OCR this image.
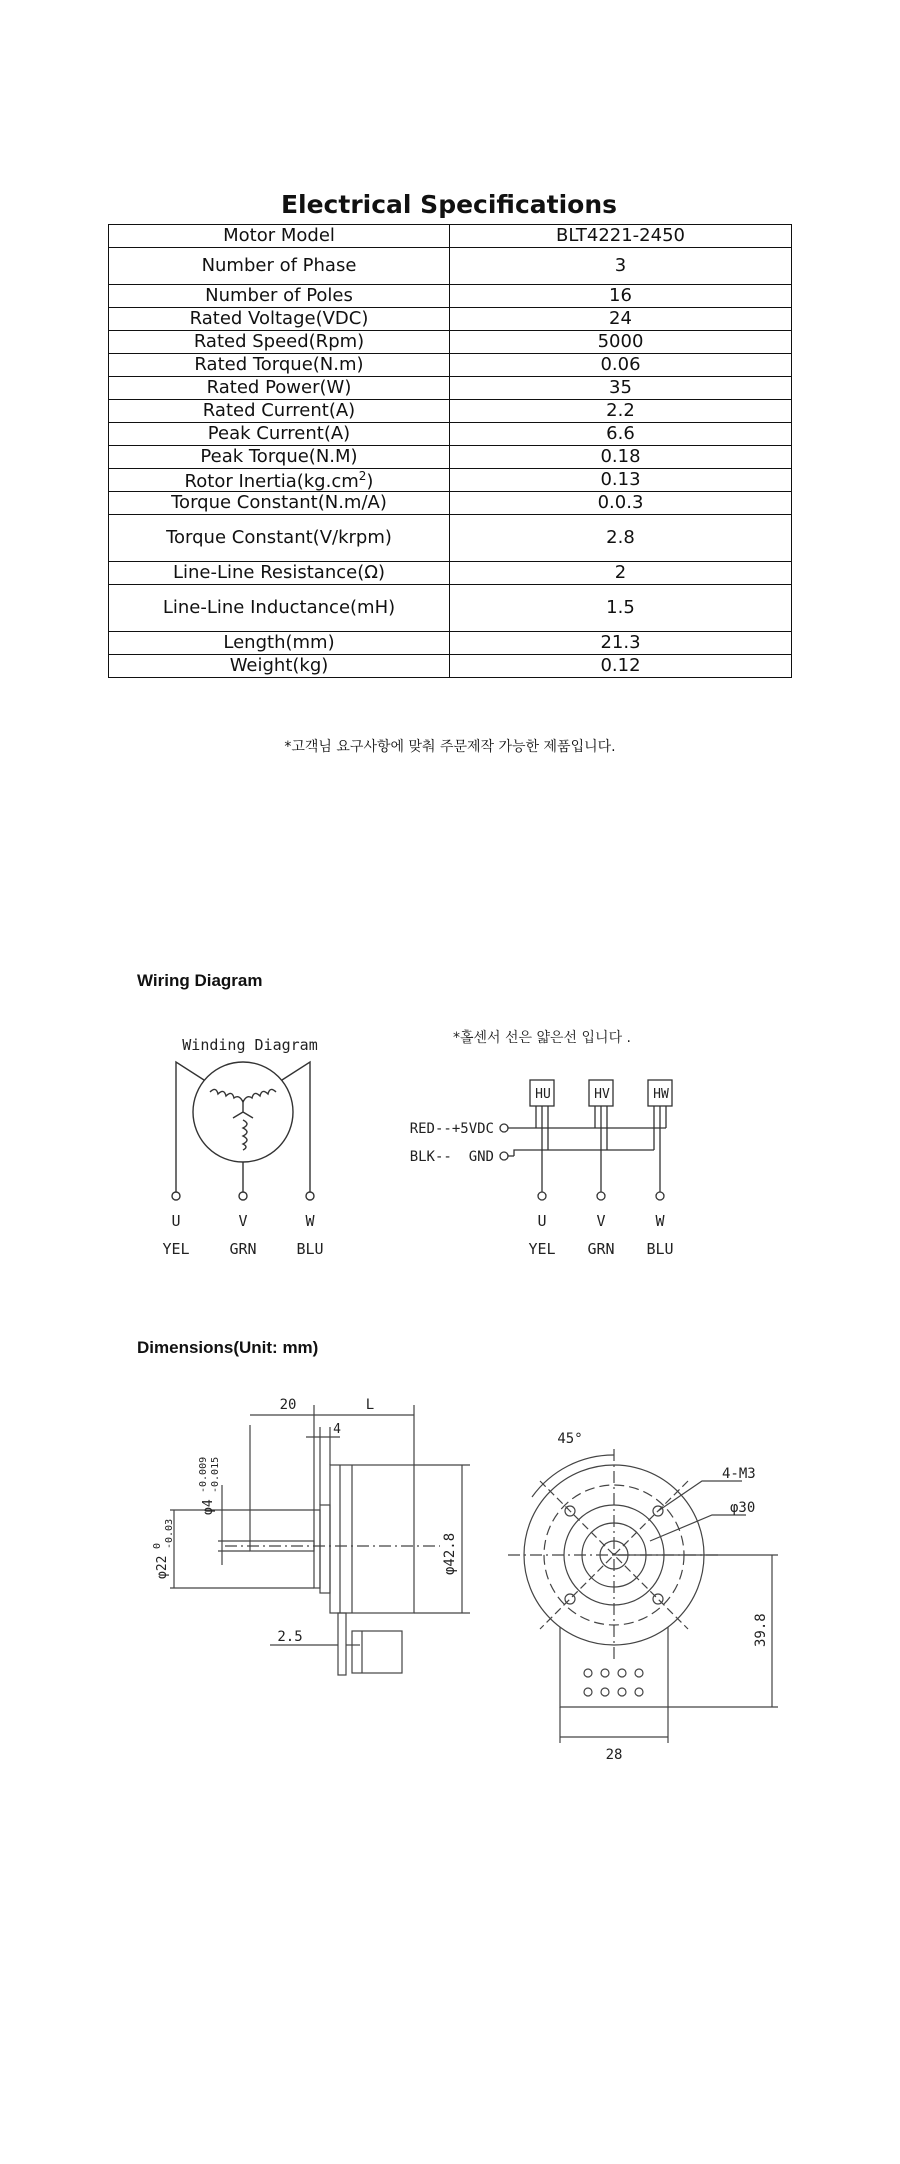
Electrical Specifications
Motor Model	BLT4221-2450
Number of Phase	3
Number of Poles	16
Rated Voltage(VDC)	24
Rated Speed(Rpm)	5000
Rated Torque(N.m)	0.06
Rated Power(W)	35
Rated Current(A)	2.2
Peak Current(A)	6.6
Peak Torque(N.M)	0.18
Rotor $Inertia(kg.cm^2)$	0.13
Torque Constant(N.m/A)	0.0.3
Torque Constant(V/krpm)	2.8
Line-Line Resistance(Ω)	2
Line-Line Inductance(mH)	1.5
Length(mm)	21.3
Weight(kg)	0.12
*고객님 요구사항에 맞춰 주문제작 가능한 제품입니다.
Wiring Diagram
Winding Diagram
U	V	W
YEL	GRN	BLU
*홀센서 선은 얇은선 입니다 .
HU	HV	HW
RED--+5VDC
BLK--  GND
U	V	W
YEL GRN BLU
Dimensions(Unit: mm)
20	L
4
φ4
-0.009 -0.015
φ22
0 -0.03	φ42.8
2.5
45°
4-M3
φ30
39.8
28
